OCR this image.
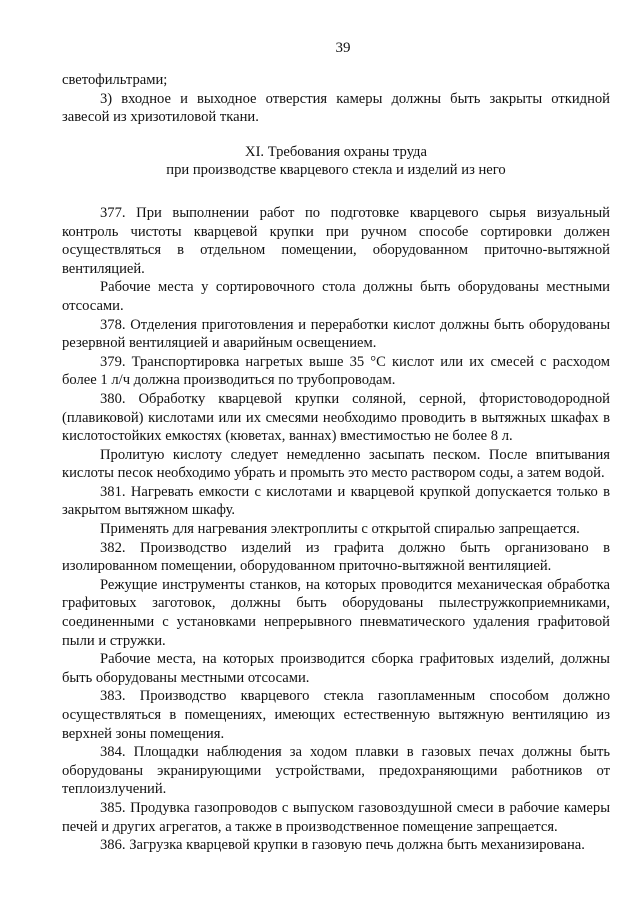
39

светофильтрами;

3) входное и выходное отверстия камеры должны быть закрыты откидной завесой из хризотиловой ткани.

XI. Требования охраны труда
при производстве кварцевого стекла и изделий из него

377. При выполнении работ по подготовке кварцевого сырья визуальный контроль чистоты кварцевой крупки при ручном способе сортировки должен осуществляться в отдельном помещении, оборудованном приточно-вытяжной вентиляцией.

Рабочие места у сортировочного стола должны быть оборудованы местными отсосами.

378. Отделения приготовления и переработки кислот должны быть оборудованы резервной вентиляцией и аварийным освещением.

379. Транспортировка нагретых выше 35 °С кислот или их смесей с расходом более 1 л/ч должна производиться по трубопроводам.

380. Обработку кварцевой крупки соляной, серной, фтористоводородной (плавиковой) кислотами или их смесями необходимо проводить в вытяжных шкафах в кислотостойких емкостях (кюветах, ваннах) вместимостью не более 8 л.

Пролитую кислоту следует немедленно засыпать песком. После впитывания кислоты песок необходимо убрать и промыть это место раствором соды, а затем водой.

381. Нагревать емкости с кислотами и кварцевой крупкой допускается только в закрытом вытяжном шкафу.

Применять для нагревания электроплиты с открытой спиралью запрещается.

382. Производство изделий из графита должно быть организовано в изолированном помещении, оборудованном приточно-вытяжной вентиляцией.

Режущие инструменты станков, на которых проводится механическая обработка графитовых заготовок, должны быть оборудованы пылестружкоприемниками, соединенными с установками непрерывного пневматического удаления графитовой пыли и стружки.

Рабочие места, на которых производится сборка графитовых изделий, должны быть оборудованы местными отсосами.

383. Производство кварцевого стекла газопламенным способом должно осуществляться в помещениях, имеющих естественную вытяжную вентиляцию из верхней зоны помещения.

384. Площадки наблюдения за ходом плавки в газовых печах должны быть оборудованы экранирующими устройствами, предохраняющими работников от теплоизлучений.

385. Продувка газопроводов с выпуском газовоздушной смеси в рабочие камеры печей и других агрегатов, а также в производственное помещение запрещается.

386. Загрузка кварцевой крупки в газовую печь должна быть механизирована.
